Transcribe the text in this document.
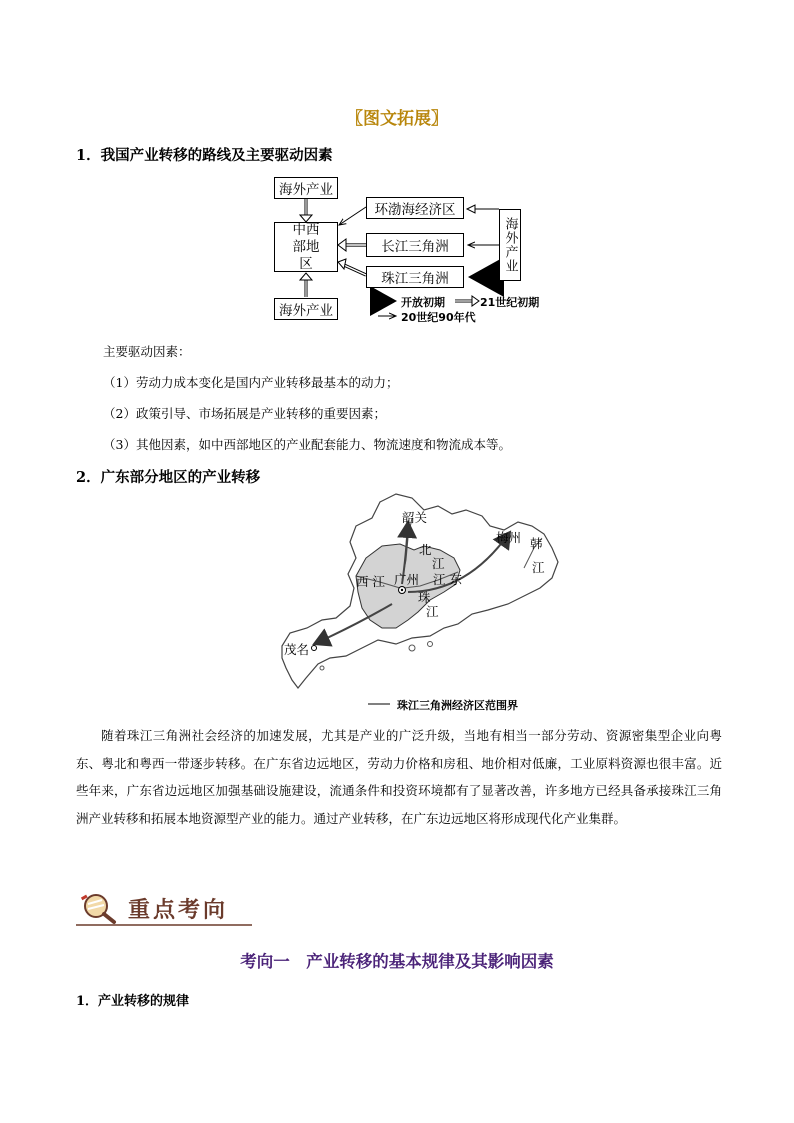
〖图文拓展〗
1．我国产业转移的路线及主要驱动因素
海外产业
中西部地区
海外产业
环渤海经济区
长江三角洲
珠江三角洲
海外产业
开放初期	21世纪初期
20世纪90年代
主要驱动因素：
（1）劳动力成本变化是国内产业转移最基本的动力；
（2）政策引导、市场拓展是产业转移的重要因素；
（3）其他因素，如中西部地区的产业配套能力、物流速度和物流成本等。
2．广东部分地区的产业转移
韶关
北
江
西 江 广州 江 东
珠
江
梅州 韩
江
茂名
珠江三角洲经济区范围界
随着珠江三角洲社会经济的加速发展，尤其是产业的广泛升级，当地有相当一部分劳动、资源密集型企业向粤东、粤北和粤西一带逐步转移。在广东省边远地区，劳动力价格和房租、地价相对低廉，工业原料资源也很丰富。近些年来，广东省边远地区加强基础设施建设，流通条件和投资环境都有了显著改善，许多地方已经具备承接珠江三角洲产业转移和拓展本地资源型产业的能力。通过产业转移，在广东边远地区将形成现代化产业集群。
重点考向
考向一　产业转移的基本规律及其影响因素
1．产业转移的规律
